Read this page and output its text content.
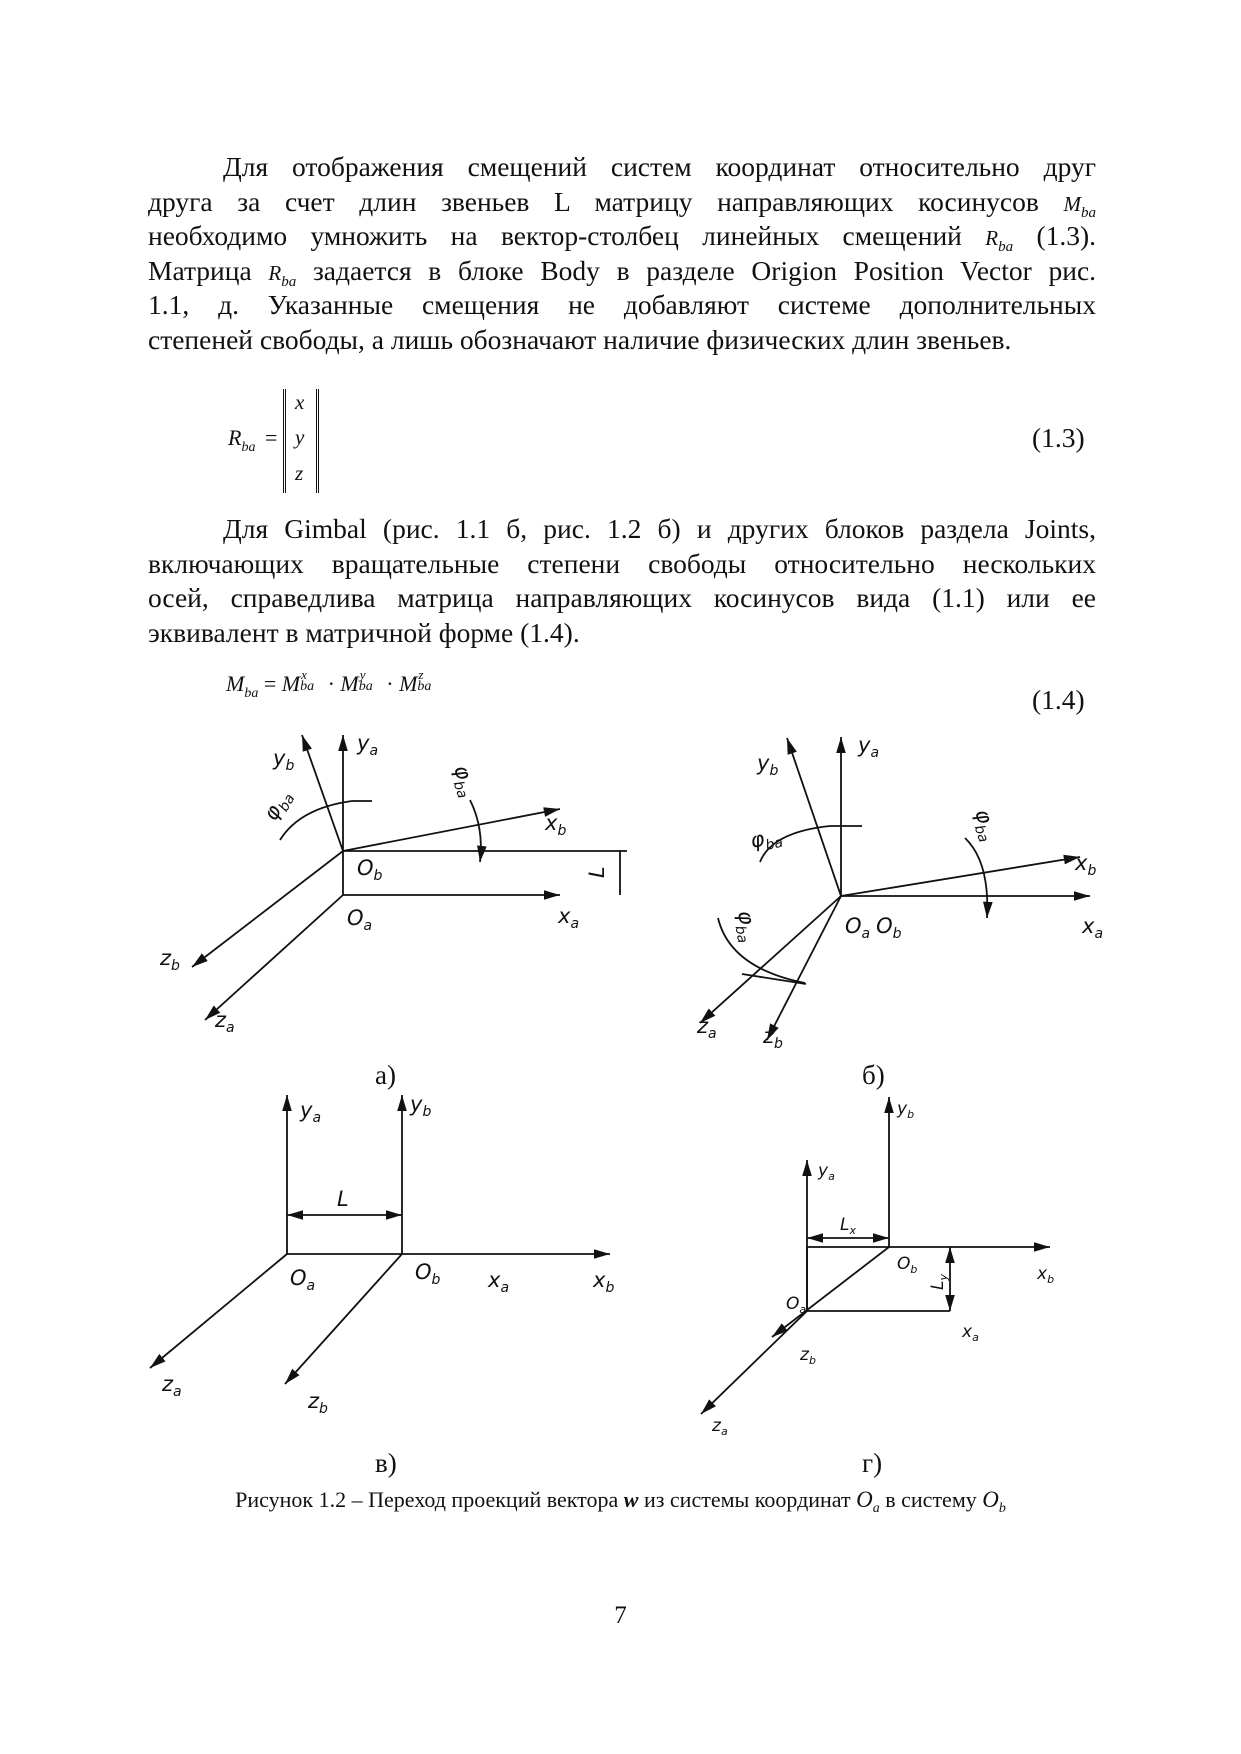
Для отображения смещений систем координат относительно друг
друга за счет длин звеньев L матрицу направляющих косинусов $M_{ba}$
необходимо умножить на вектор-столбец линейных смещений $R_{ba}$ (1.3).
Матрица $R_{ba}$ задается в блоке Body в разделе Origion Position Vector рис.
1.1, д. Указанные смещения не добавляют системе дополнительных
степеней свободы, а лишь обозначают наличие физических длин звеньев.
$R_{ba}$ =
x
y
z
(1.3)
Для Gimbal (рис. 1.1 б, рис. 1.2 б) и других блоков раздела Joints,
включающих вращательные степени свободы относительно нескольких
осей, справедлива матрица направляющих косинусов вида (1.1) или ее
эквивалент в матричной форме (1.4).
$M_{ba} = M$ x
ba · M y
ba · M z
ba	(1.4)
$y_a$
$y_b$
$x_b$
$x_a$
$O_b$
$O_a$
$z_b$
$z_a$
L
$\varphi_{ba}$
$\varphi_{ba}$
$y_a$
$y_b$
$x_b$
$x_a$
$O_a$ $O_b$
$z_a$ $z_b$
$\varphi_{ba}$
$\varphi_{ba}$
$\varphi_{ba}$
$y_a$
$y_b$
L
$O_a$
$O_b$ $x_a$	$x_b$
$z_a$	$z_b$
$y_b$
$y_a$
$L_x$
$O_b$
$L_y$	$x_b$
$O_a$
$x_a$
$z_b$
$z_a$
а)	б)
в)	г)
Рисунок 1.2 – Переход проекций вектора w из системы координат $O_a$ в систему $O_b$
7
